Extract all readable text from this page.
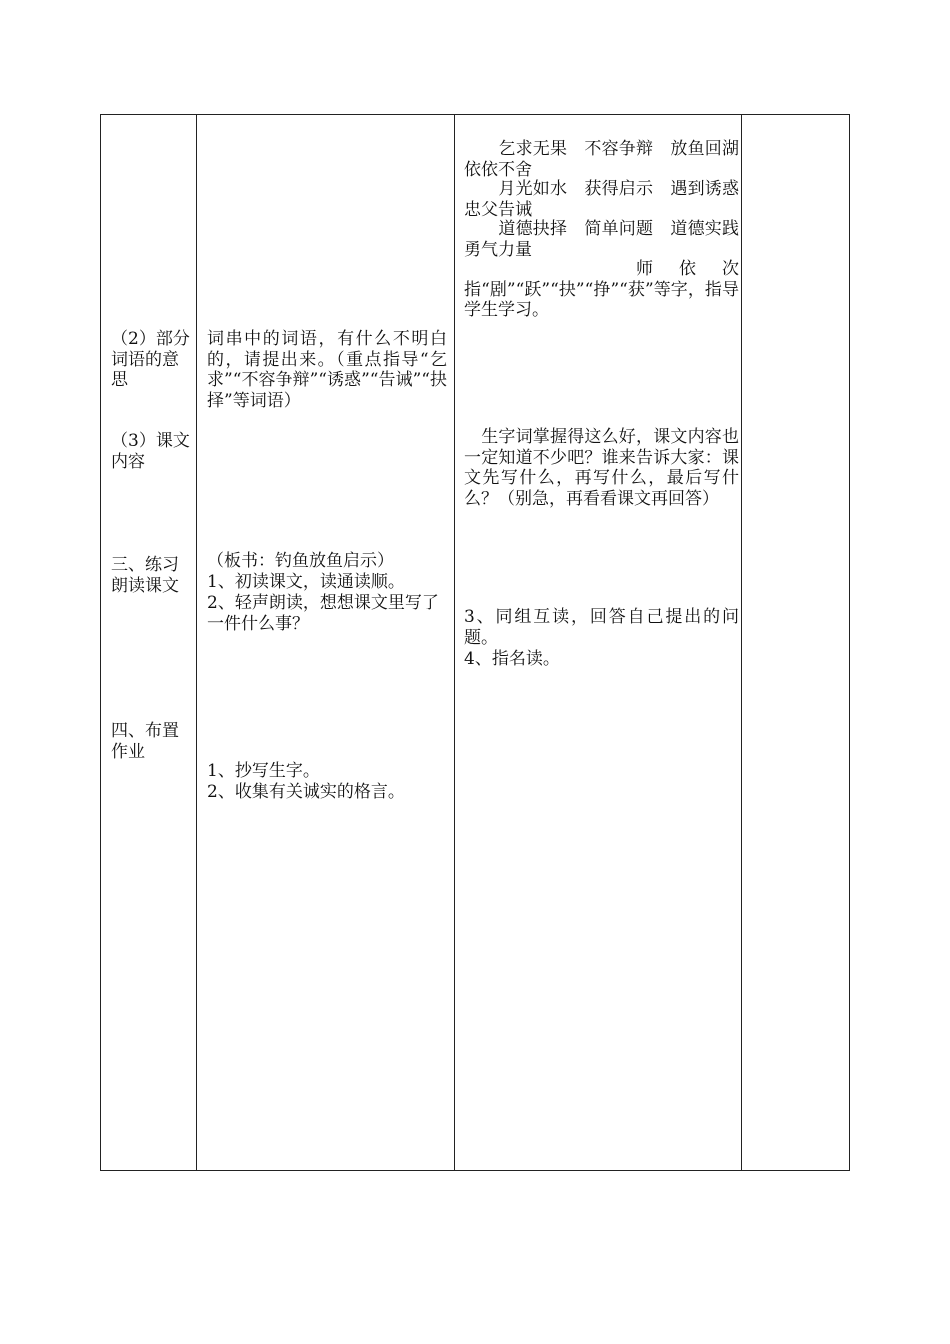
（2）部分词语的意思
（3）课文内容
三、练习朗读课文
四、布置作业
词串中的词语，有什么不明白的，请提出来。（重点指导“乞求”“不容争辩”“诱惑”“告诫”“抉择”等词语）
（板书：钓鱼放鱼启示）
1、初读课文，读通读顺。
2、轻声朗读，想想课文里写了一件什么事？
1、抄写生字。
2、收集有关诚实的格言。
　　乞求无果　不容争辩　放鱼回湖　依依不舍
　　月光如水　获得启示　遇到诱惑　忠父告诫
　　道德抉择　简单问题　道德实践　勇气力量
　　　　师依次指“剧”“跃”“抉”“挣”“获”等字，指导学生学习。
　生字词掌握得这么好，课文内容也一定知道不少吧？谁来告诉大家：课文先写什么，再写什么，最后写什么？（别急，再看看课文再回答）
3、同组互读，回答自己提出的问题。
4、指名读。
